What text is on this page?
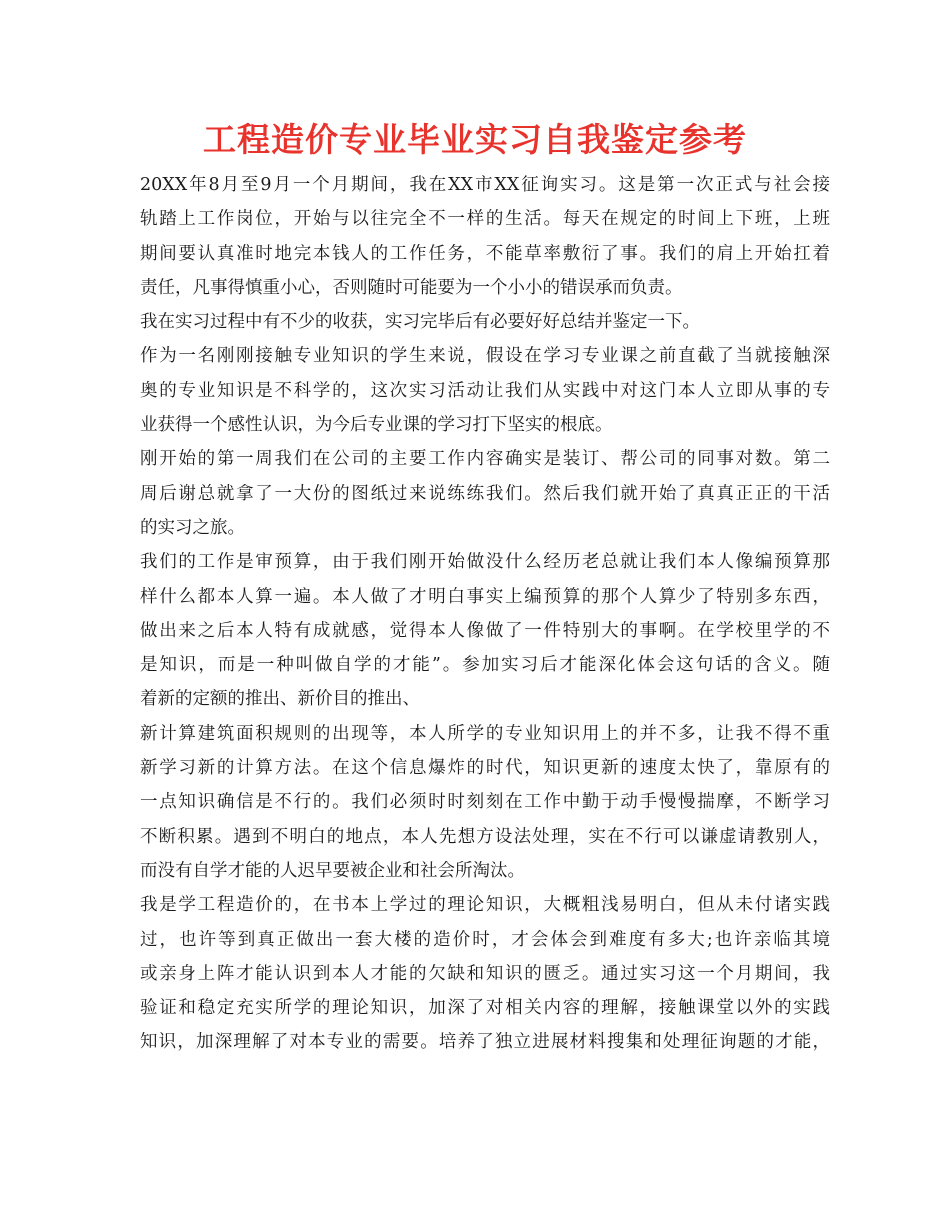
工程造价专业毕业实习自我鉴定参考
20XX年8月至9月一个月期间，我在XX市XX征询实习。这是第一次正式与社会接
轨踏上工作岗位，开始与以往完全不一样的生活。每天在规定的时间上下班，上班
期间要认真准时地完本钱人的工作任务，不能草率敷衍了事。我们的肩上开始扛着
责任，凡事得慎重小心，否则随时可能要为一个小小的错误承而负责。
我在实习过程中有不少的收获，实习完毕后有必要好好总结并鉴定一下。
作为一名刚刚接触专业知识的学生来说，假设在学习专业课之前直截了当就接触深
奥的专业知识是不科学的，这次实习活动让我们从实践中对这门本人立即从事的专
业获得一个感性认识，为今后专业课的学习打下坚实的根底。
刚开始的第一周我们在公司的主要工作内容确实是装订、帮公司的同事对数。第二
周后谢总就拿了一大份的图纸过来说练练我们。然后我们就开始了真真正正的干活
的实习之旅。
我们的工作是审预算，由于我们刚开始做没什么经历老总就让我们本人像编预算那
样什么都本人算一遍。本人做了才明白事实上编预算的那个人算少了特别多东西，
做出来之后本人特有成就感，觉得本人像做了一件特别大的事啊。在学校里学的不
是知识，而是一种叫做自学的才能”。参加实习后才能深化体会这句话的含义。随
着新的定额的推出、新价目的推出、
新计算建筑面积规则的出现等，本人所学的专业知识用上的并不多，让我不得不重
新学习新的计算方法。在这个信息爆炸的时代，知识更新的速度太快了，靠原有的
一点知识确信是不行的。我们必须时时刻刻在工作中勤于动手慢慢揣摩，不断学习
不断积累。遇到不明白的地点，本人先想方设法处理，实在不行可以谦虚请教别人，
而没有自学才能的人迟早要被企业和社会所淘汰。
我是学工程造价的，在书本上学过的理论知识，大概粗浅易明白，但从未付诸实践
过，也许等到真正做出一套大楼的造价时，才会体会到难度有多大;也许亲临其境
或亲身上阵才能认识到本人才能的欠缺和知识的匮乏。通过实习这一个月期间，我
验证和稳定充实所学的理论知识，加深了对相关内容的理解，接触课堂以外的实践
知识，加深理解了对本专业的需要。培养了独立进展材料搜集和处理征询题的才能，
